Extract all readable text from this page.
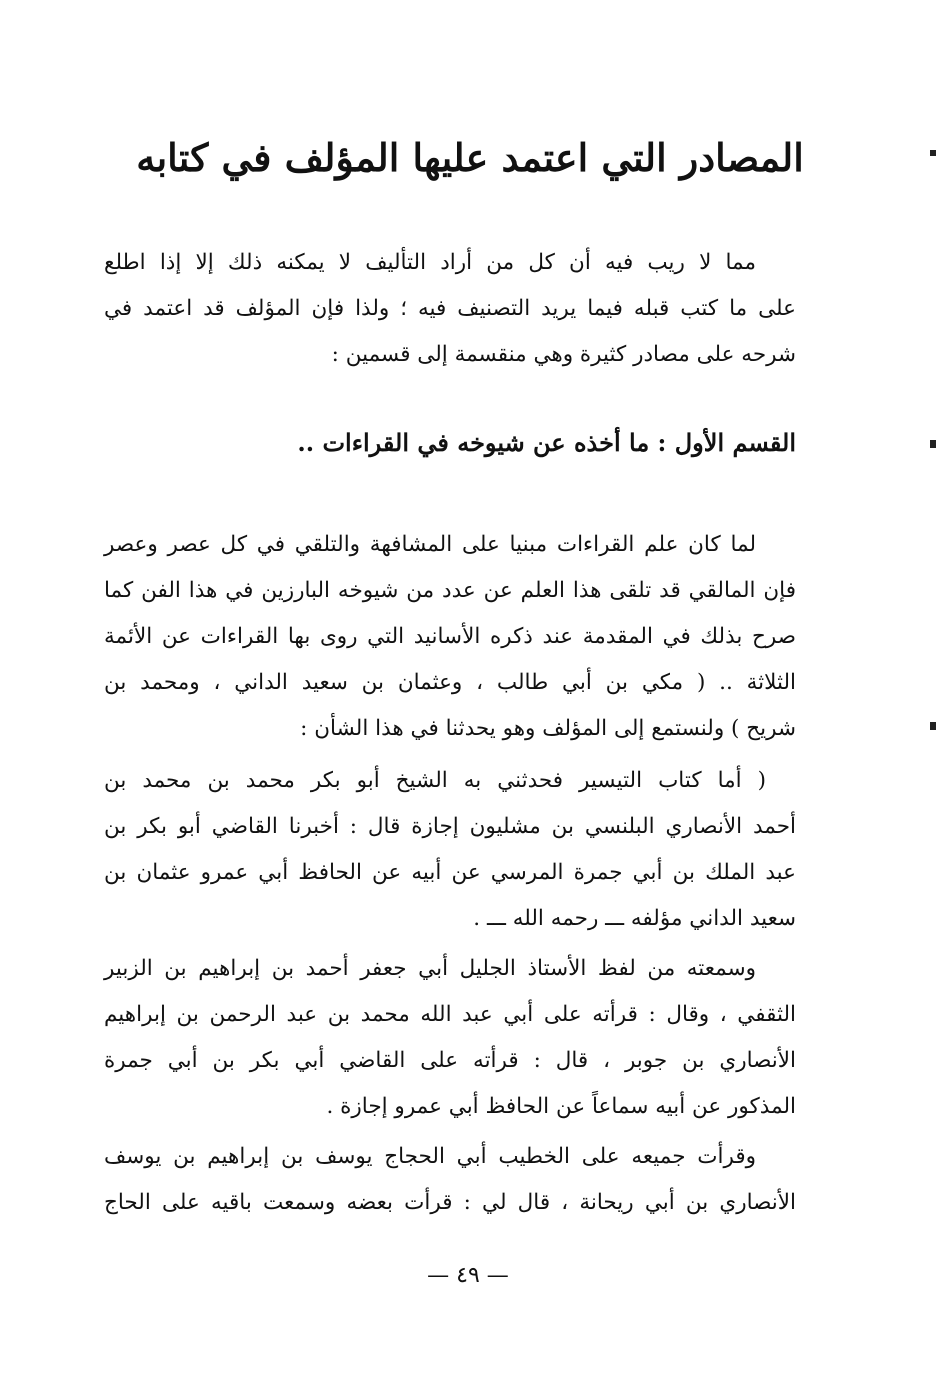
المصادر التي اعتمد عليها المؤلف في كتابه
مما لا ريب فيه أن كل من أراد التأليف لا يمكنه ذلك إلا إذا اطلع
على ما كتب قبله فيما يريد التصنيف فيه ؛ ولذا فإن المؤلف قد اعتمد في
شرحه على مصادر كثيرة وهي منقسمة إلى قسمين :
القسم الأول : ما أخذه عن شيوخه في القراءات ..
لما كان علم القراءات مبنيا على المشافهة والتلقي في كل عصر وعصر
فإن المالقي قد تلقى هذا العلم عن عدد من شيوخه البارزين في هذا الفن كما
صرح بذلك في المقدمة عند ذكره الأسانيد التي روى بها القراءات عن الأئمة
الثلاثة .. ( مكي بن أبي طالب ، وعثمان بن سعيد الداني ، ومحمد بن
شريح ) ولنستمع إلى المؤلف وهو يحدثنا في هذا الشأن :
( أما كتاب التيسير فحدثني به الشيخ أبو بكر محمد بن محمد بن
أحمد الأنصاري البلنسي بن مشليون إجازة قال : أخبرنا القاضي أبو بكر بن
عبد الملك بن أبي جمرة المرسي عن أبيه عن الحافظ أبي عمرو عثمان بن
سعيد الداني مؤلفه ـــ رحمه الله ـــ .
وسمعته من لفظ الأستاذ الجليل أبي جعفر أحمد بن إبراهيم بن الزبير
الثقفي ، وقال : قرأته على أبي عبد الله محمد بن عبد الرحمن بن إبراهيم
الأنصاري بن جوبر ، قال : قرأته على القاضي أبي بكر بن أبي جمرة
المذكور عن أبيه سماعاً عن الحافظ أبي عمرو إجازة .
وقرأت جميعه على الخطيب أبي الحجاج يوسف بن إبراهيم بن يوسف
الأنصاري بن أبي ريحانة ، قال لي : قرأت بعضه وسمعت باقيه على الحاج
— ٤٩ —
